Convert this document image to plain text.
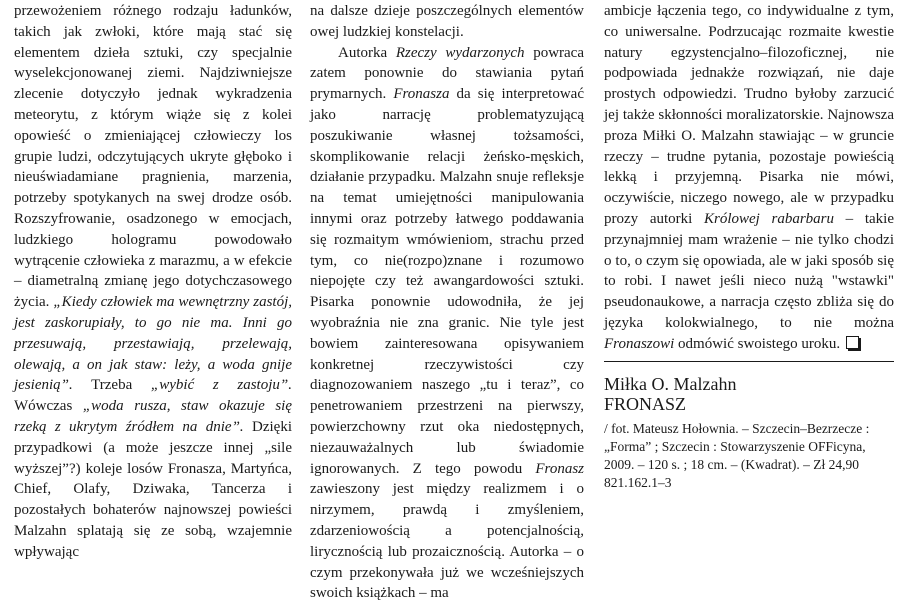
przewożeniem różnego rodzaju ładunków, takich jak zwłoki, które mają stać się elementem dzieła sztuki, czy specjalnie wyselekcjonowanej ziemi. Najdziwniejsze zlecenie dotyczyło jednak wykradzenia meteorytu, z którym wiąże się z kolei opowieść o zmieniającej człowieczy los grupie ludzi, odczytujących ukryte głęboko i nieuświadamiane pragnienia, marzenia, potrzeby spotykanych na swej drodze osób. Rozszyfrowanie, osadzonego w emocjach, ludzkiego hologramu powodowało wytrącenie człowieka z marazmu, a w efekcie – diametralną zmianę jego dotychczasowego życia. „Kiedy człowiek ma wewnętrzny zastój, jest zaskorupiały, to go nie ma. Inni go przesuwają, przestawiają, przelewają, olewają, a on jak staw: leży, a woda gnije jesienią”. Trzeba „wybić z zastoju”. Wówczas „woda rusza, staw okazuje się rzeką z ukrytym źródłem na dnie”. Dzięki przypadkowi (a może jeszcze innej „sile wyższej”?) koleje losów Fronasza, Martyńca, Chief, Olafy, Dziwaka, Tancerza i pozostałych bohaterów najnowszej powieści Malzahn splatają się ze sobą, wzajemnie wpływając

na dalsze dzieje poszczególnych elementów owej ludzkiej konstelacji.

Autorka Rzeczy wydarzonych powraca zatem ponownie do stawiania pytań prymarnych. Fronasza da się interpretować jako narrację problematyzującą poszukiwanie własnej tożsamości, skomplikowanie relacji żeńsko-męskich, działanie przypadku. Malzahn snuje refleksje na temat umiejętności manipulowania innymi oraz potrzeby łatwego poddawania się rozmaitym wmówieniom, strachu przed tym, co nie(rozpo)znane i rozumowo niepojęte czy też awangardowości sztuki. Pisarka ponownie udowodniła, że jej wyobraźnia nie zna granic. Nie tyle jest bowiem zainteresowana opisywaniem konkretnej rzeczywistości czy diagnozowaniem naszego „tu i teraz”, co penetrowaniem przestrzeni na pierwszy, powierzchowny rzut oka niedostępnych, niezauważalnych lub świadomie ignorowanych. Z tego powodu Fronasz zawieszony jest między realizmem i o nirzymem, prawdą i zmyśleniem, zdarzeniowością a potencjalnością, lirycznością lub prozaicznością. Autorka – o czym przekonywała już we wcześniejszych swoich książkach – ma

ambicje łączenia tego, co indywidualne z tym, co uniwersalne. Podrzucając rozmaite kwestie natury egzystencjalno–filozoficznej, nie podpowiada jednakże rozwiązań, nie daje prostych odpowiedzi. Trudno byłoby zarzucić jej także skłonności moralizatorskie. Najnowsza proza Miłki O. Malzahn stawiając – w gruncie rzeczy – trudne pytania, pozostaje powieścią lekką i przyjemną. Pisarka nie mówi, oczywiście, niczego nowego, ale w przypadku prozy autorki Królowej rabarbaru – takie przynajmniej mam wrażenie – nie tylko chodzi o to, o czym się opowiada, ale w jaki sposób się to robi. I nawet jeśli nieco nużą "wstawki" pseudonaukowe, a narracja często zbliża się do języka kolokwialnego, to nie można Fronaszowi odmówić swoistego uroku.

Miłka O. Malzahn

FRONASZ

/ fot. Mateusz Hołownia. – Szczecin–Bezrzecze : „Forma” ; Szczecin : Stowarzyszenie OFFicyna, 2009. – 120 s. ; 18 cm. – (Kwadrat). – Zł 24,90 821.162.1–3
